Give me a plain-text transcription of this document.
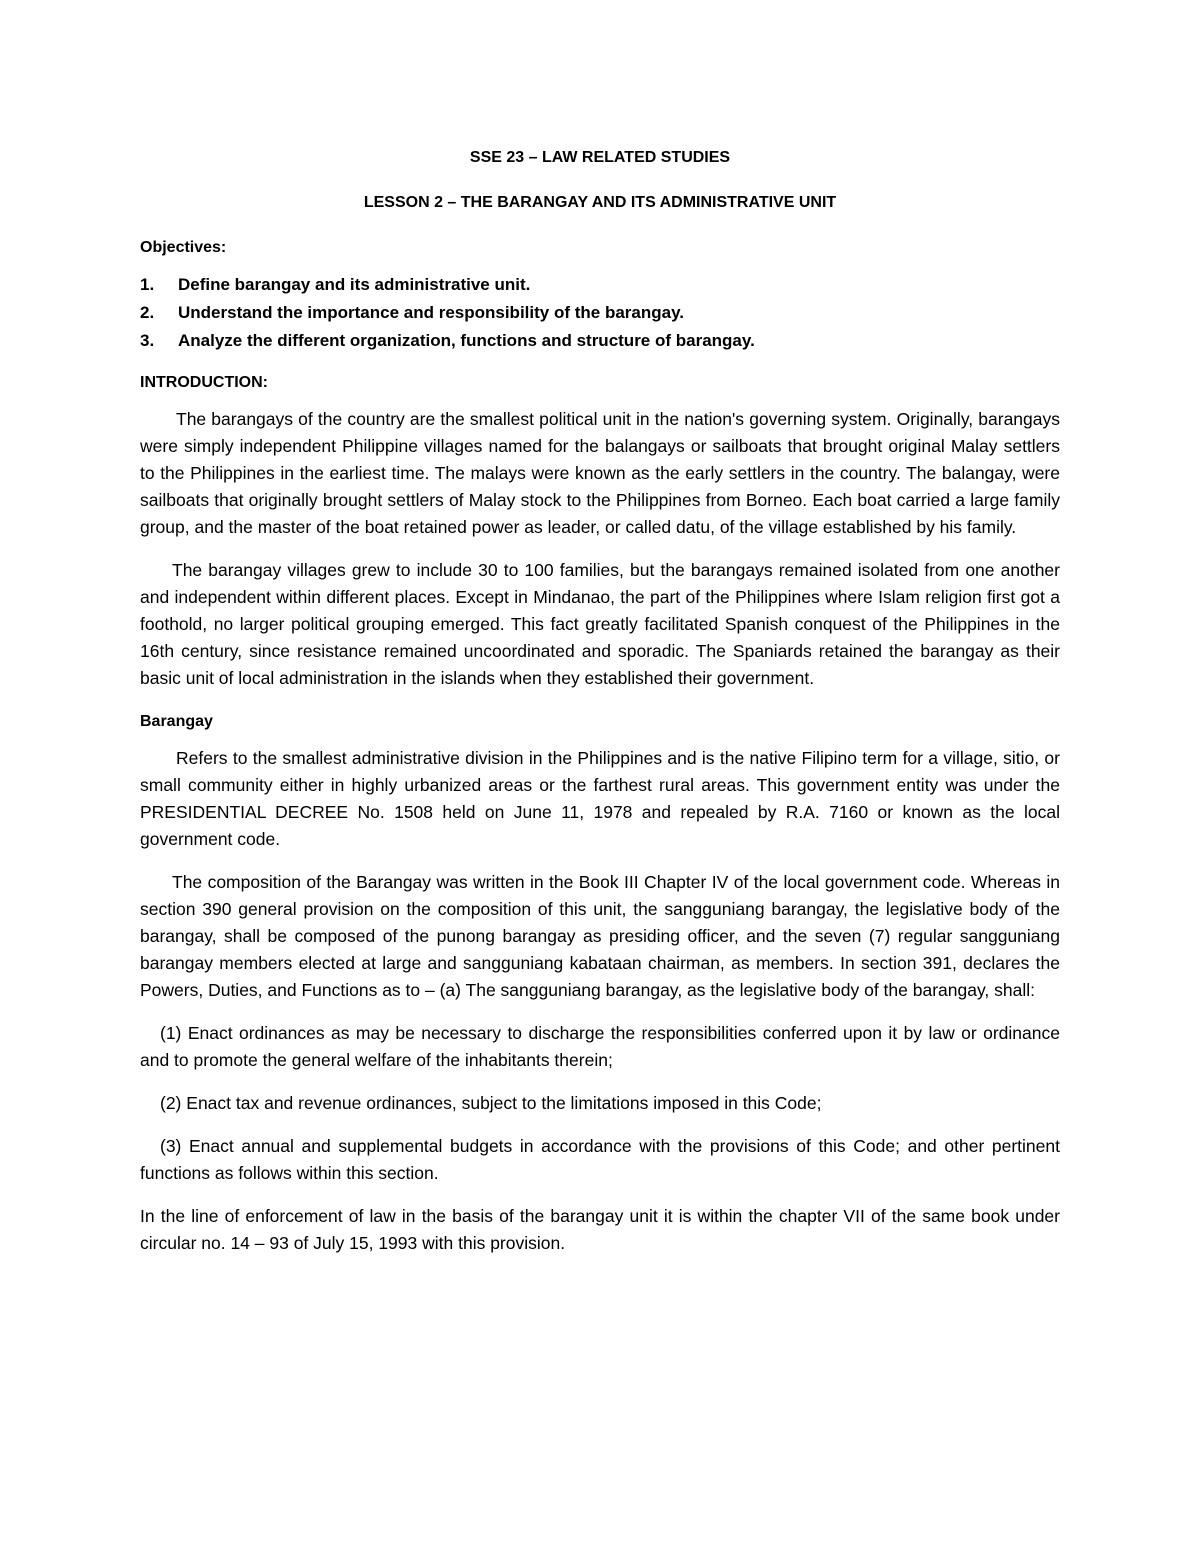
SSE 23 – LAW RELATED STUDIES

LESSON 2 – THE BARANGAY AND ITS ADMINISTRATIVE UNIT

Objectives:

1.	Define barangay and its administrative unit.
2.	Understand the importance and responsibility of the barangay.
3.	Analyze the different organization, functions and structure of barangay.

INTRODUCTION:

The barangays of the country are the smallest political unit in the nation's governing system. Originally, barangays were simply independent Philippine villages named for the balangays or sailboats that brought original Malay settlers to the Philippines in the earliest time. The malays were known as the early settlers in the country. The balangay, were sailboats that originally brought settlers of Malay stock to the Philippines from Borneo. Each boat carried a large family group, and the master of the boat retained power as leader, or called datu, of the village established by his family.

The barangay villages grew to include 30 to 100 families, but the barangays remained isolated from one another and independent within different places. Except in Mindanao, the part of the Philippines where Islam religion first got a foothold, no larger political grouping emerged. This fact greatly facilitated Spanish conquest of the Philippines in the 16th century, since resistance remained uncoordinated and sporadic. The Spaniards retained the barangay as their basic unit of local administration in the islands when they established their government.

Barangay

Refers to the smallest administrative division in the Philippines and is the native Filipino term for a village, sitio, or small community either in highly urbanized areas or the farthest rural areas. This government entity was under the PRESIDENTIAL DECREE No. 1508 held on June 11, 1978 and repealed by R.A. 7160 or known as the local government code.

The composition of the Barangay was written in the Book III Chapter IV of the local government code. Whereas in section 390 general provision on the composition of this unit, the sangguniang barangay, the legislative body of the barangay, shall be composed of the punong barangay as presiding officer, and the seven (7) regular sangguniang barangay members elected at large and sangguniang kabataan chairman, as members. In section 391, declares the Powers, Duties, and Functions as to – (a) The sangguniang barangay, as the legislative body of the barangay, shall:

(1) Enact ordinances as may be necessary to discharge the responsibilities conferred upon it by law or ordinance and to promote the general welfare of the inhabitants therein;

(2) Enact tax and revenue ordinances, subject to the limitations imposed in this Code;

(3) Enact annual and supplemental budgets in accordance with the provisions of this Code; and other pertinent functions as follows within this section.

In the line of enforcement of law in the basis of the barangay unit it is within the chapter VII of the same book under circular no. 14 – 93 of July 15, 1993 with this provision.
